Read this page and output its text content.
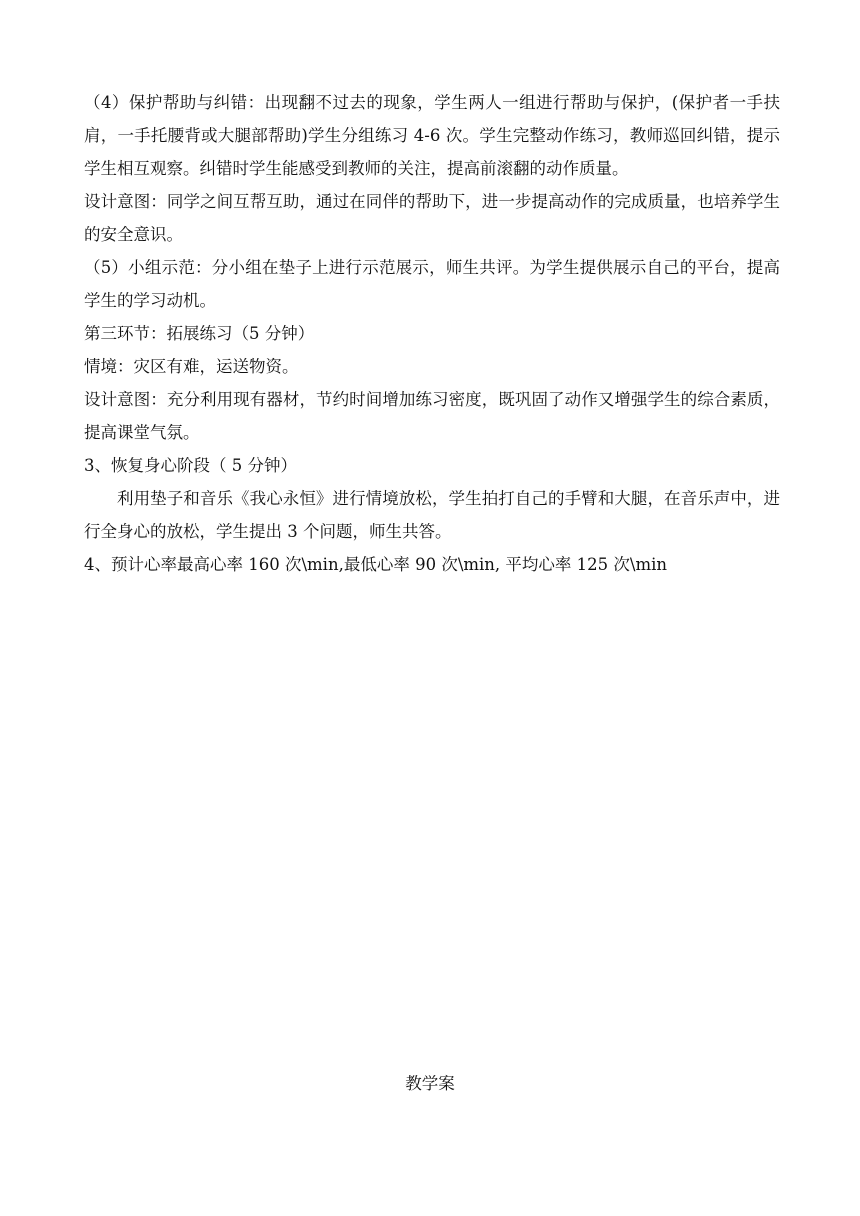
（4）保护帮助与纠错：出现翻不过去的现象，学生两人一组进行帮助与保护，(保护者一手扶肩，一手托腰背或大腿部帮助)学生分组练习 4-6 次。学生完整动作练习，教师巡回纠错，提示学生相互观察。纠错时学生能感受到教师的关注，提高前滚翻的动作质量。

设计意图：同学之间互帮互助，通过在同伴的帮助下，进一步提高动作的完成质量，也培养学生的安全意识。

（5）小组示范：分小组在垫子上进行示范展示，师生共评。为学生提供展示自己的平台，提高学生的学习动机。

第三环节：拓展练习（5 分钟）

情境：灾区有难，运送物资。

设计意图：充分利用现有器材，节约时间增加练习密度，既巩固了动作又增强学生的综合素质，提高课堂气氛。

3、恢复身心阶段（ 5 分钟）

利用垫子和音乐《我心永恒》进行情境放松，学生拍打自己的手臂和大腿，在音乐声中，进行全身心的放松，学生提出 3 个问题，师生共答。

4、预计心率最高心率 160 次\min,最低心率 90 次\min, 平均心率 125 次\min

教学案
